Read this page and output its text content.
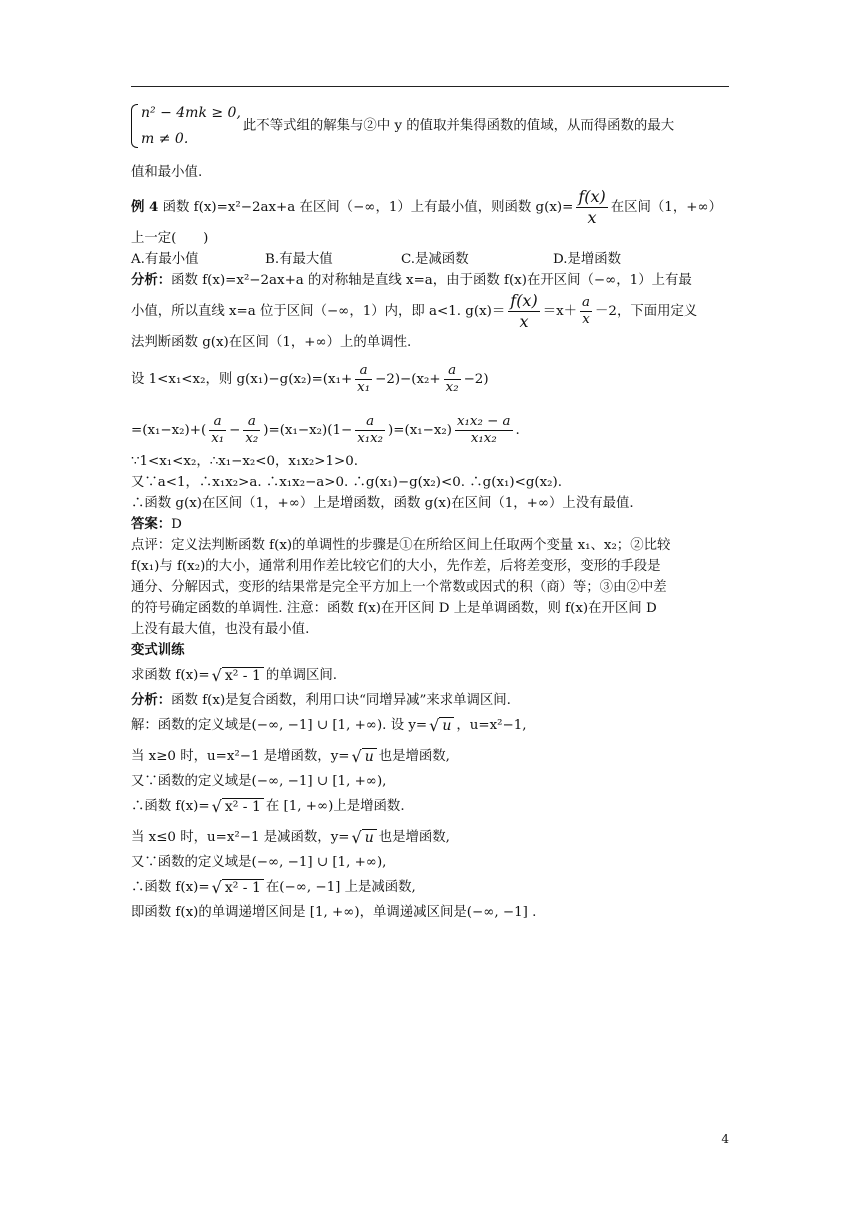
n² − 4mk ≥ 0,
m ≠ 0.
此不等式组的解集与②中 y 的值取并集得函数的值域，从而得函数的最大
值和最小值.
例 4 函数 f(x)=x²−2ax+a 在区间（−∞，1）上有最小值，则函数 $g(x)= \frac{f(x)}{x}$ 在区间（1，+∞）
上一定(　　)
A.有最小值	B.有最大值	C.是减函数	D.是增函数
分析：函数 f(x)=x²−2ax+a 的对称轴是直线 x=a，由于函数 f(x)在开区间（−∞，1）上有最
小值，所以直线 x=a 位于区间（−∞，1）内，即 a<1. $g(x)= \frac{f(x)}{x} =x+ \frac{a}{x} -2$，下面用定义
法判断函数 g(x)在区间（1，+∞）上的单调性.
设 1<x₁<x₂，则 $g(x_1)-g(x_2)=(x_1+ \frac{a}{\text{x₁}} -2)-(x_2+ \frac{a}{\text{x₂}} -2)$
$=(x_1-x_2)+( \frac{a}{\text{x₁}} - \frac{a}{\text{x₂}} )=(x_1-x_2)(1- \frac{a}{\text{x₁x₂}} )=(x_1-x_2) \frac{\text{x₁x₂ − a}}{\text{x₁x₂}}$ .
∵1<x₁<x₂，∴x₁−x₂<0，x₁x₂>1>0.
又∵a<1，∴x₁x₂>a. ∴x₁x₂−a>0. ∴g(x₁)−g(x₂)<0. ∴g(x₁)<g(x₂).
∴函数 g(x)在区间（1，+∞）上是增函数，函数 g(x)在区间（1，+∞）上没有最值.
答案：D
点评：定义法判断函数 f(x)的单调性的步骤是①在所给区间上任取两个变量 x₁、x₂；②比较
f(x₁)与 f(x₂)的大小，通常利用作差比较它们的大小，先作差，后将差变形，变形的手段是
通分、分解因式，变形的结果常是完全平方加上一个常数或因式的积（商）等；③由②中差
的符号确定函数的单调性. 注意：函数 f(x)在开区间 D 上是单调函数，则 f(x)在开区间 D
上没有最大值，也没有最小值.
变式训练
求函数 f(x)= √ x² - 1 的单调区间.
分析：函数 f(x)是复合函数，利用口诀“同增异减”来求单调区间.
解：函数的定义域是(−∞, −1] ∪ [1, +∞). 设 y= √ u ，u=x²−1,
当 x≥0 时，u=x²−1 是增函数，y= √ u 也是增函数,
又∵函数的定义域是(−∞, −1] ∪ [1, +∞),
∴函数 f(x)= √ x² - 1 在 [1, +∞)上是增函数.
当 x≤0 时，u=x²−1 是减函数，y= √ u 也是增函数,
又∵函数的定义域是(−∞, −1] ∪ [1, +∞),
∴函数 f(x)= √ x² - 1 在(−∞, −1] 上是减函数,
即函数 f(x)的单调递增区间是 [1, +∞)，单调递减区间是(−∞, −1] .
4
